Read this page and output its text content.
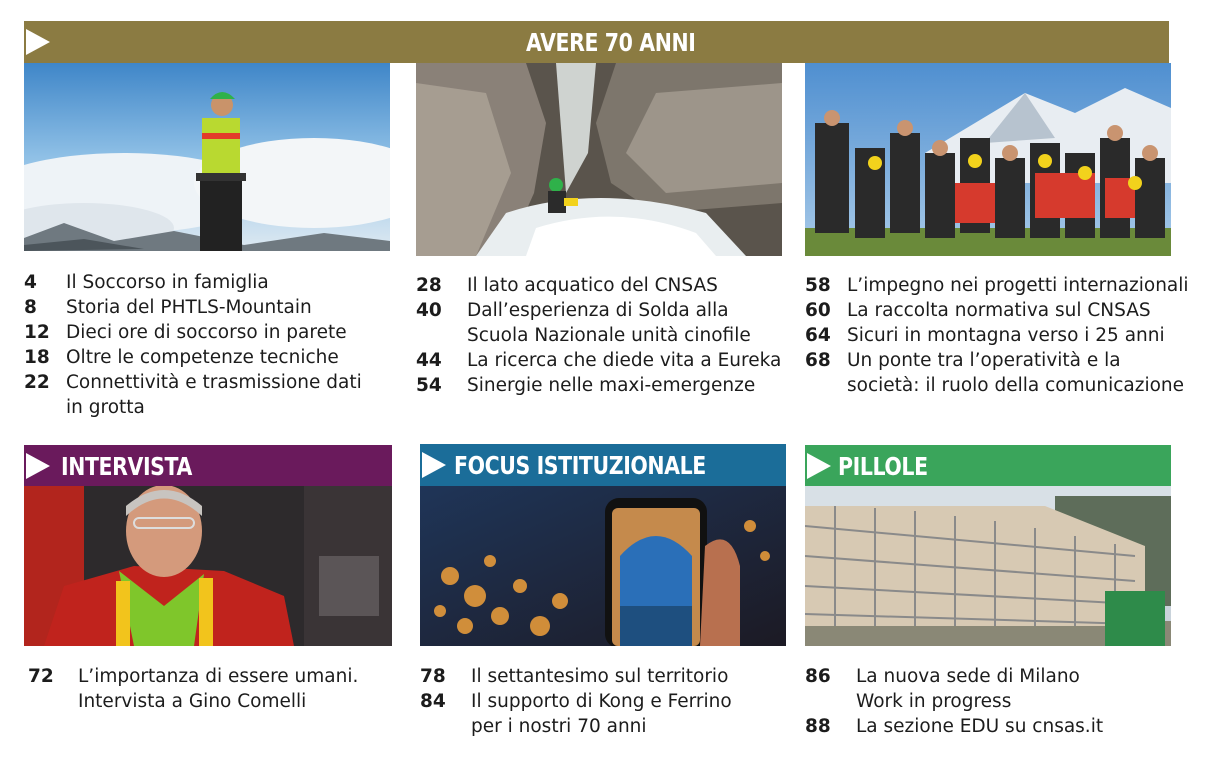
AVERE 70 ANNI
INTERVISTA	FOCUS ISTITUZIONALE	PILLOLE
4	Il Soccorso in famiglia
8	Storia del PHTLS-Mountain
12 Dieci ore di soccorso in parete
18 Oltre le competenze tecniche
22 Connettività e trasmissione dati
in grotta
28	Il lato acquatico del CNSAS
40	Dall’esperienza di Solda alla
Scuola Nazionale unità cinofile
44	La ricerca che diede vita a Eureka
54	Sinergie nelle maxi-emergenze
58 L’impegno nei progetti internazionali
60 La raccolta normativa sul CNSAS
64 Sicuri in montagna verso i 25 anni
68 Un ponte tra l’operatività e la
società: il ruolo della comunicazione
72	L’importanza di essere umani.
Intervista a Gino Comelli
78	Il settantesimo sul territorio
84	Il supporto di Kong e Ferrino
per i nostri 70 anni
86	La nuova sede di Milano
Work in progress
88	La sezione EDU su cnsas.it
